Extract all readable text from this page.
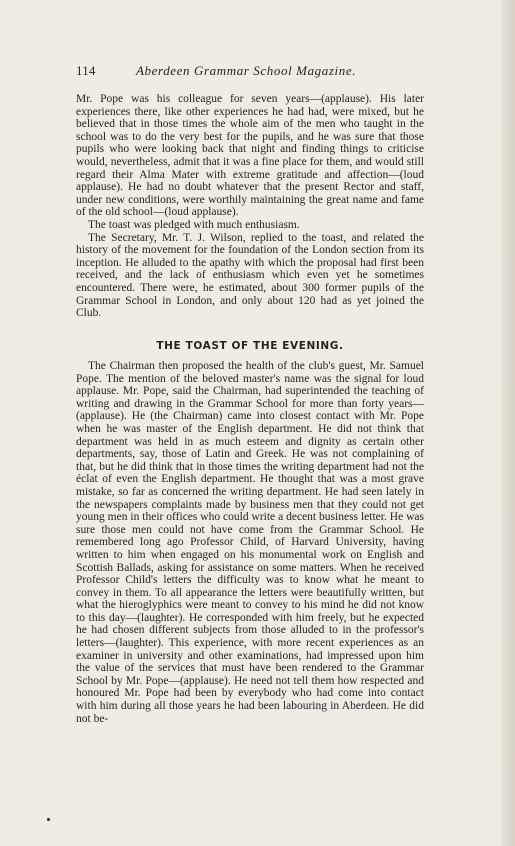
114	Aberdeen Grammar School Magazine.

Mr. Pope was his colleague for seven years—(applause). His later experiences there, like other experiences he had had, were mixed, but he believed that in those times the whole aim of the men who taught in the school was to do the very best for the pupils, and he was sure that those pupils who were looking back that night and finding things to criticise would, nevertheless, admit that it was a fine place for them, and would still regard their Alma Mater with extreme gratitude and affection—(loud applause). He had no doubt whatever that the present Rector and staff, under new conditions, were worthily maintaining the great name and fame of the old school—(loud applause).

The toast was pledged with much enthusiasm.

The Secretary, Mr. T. J. Wilson, replied to the toast, and related the history of the movement for the foundation of the London section from its inception. He alluded to the apathy with which the proposal had first been received, and the lack of enthusiasm which even yet he sometimes encountered. There were, he estimated, about 300 former pupils of the Grammar School in London, and only about 120 had as yet joined the Club.

THE TOAST OF THE EVENING.

The Chairman then proposed the health of the club's guest, Mr. Samuel Pope. The mention of the beloved master's name was the signal for loud applause. Mr. Pope, said the Chairman, had superintended the teaching of writing and drawing in the Grammar School for more than forty years—(applause). He (the Chairman) came into closest contact with Mr. Pope when he was master of the English department. He did not think that department was held in as much esteem and dignity as certain other departments, say, those of Latin and Greek. He was not complaining of that, but he did think that in those times the writing department had not the éclat of even the English department. He thought that was a most grave mistake, so far as concerned the writing department. He had seen lately in the newspapers complaints made by business men that they could not get young men in their offices who could write a decent business letter. He was sure those men could not have come from the Grammar School. He remembered long ago Professor Child, of Harvard University, having written to him when engaged on his monumental work on English and Scottish Ballads, asking for assistance on some matters. When he received Professor Child's letters the difficulty was to know what he meant to convey in them. To all appearance the letters were beautifully written, but what the hieroglyphics were meant to convey to his mind he did not know to this day—(laughter). He corresponded with him freely, but he expected he had chosen different subjects from those alluded to in the professor's letters—(laughter). This experience, with more recent experiences as an examiner in university and other examinations, had impressed upon him the value of the services that must have been rendered to the Grammar School by Mr. Pope—(applause). He need not tell them how respected and honoured Mr. Pope had been by everybody who had come into contact with him during all those years he had been labouring in Aberdeen. He did not be-
